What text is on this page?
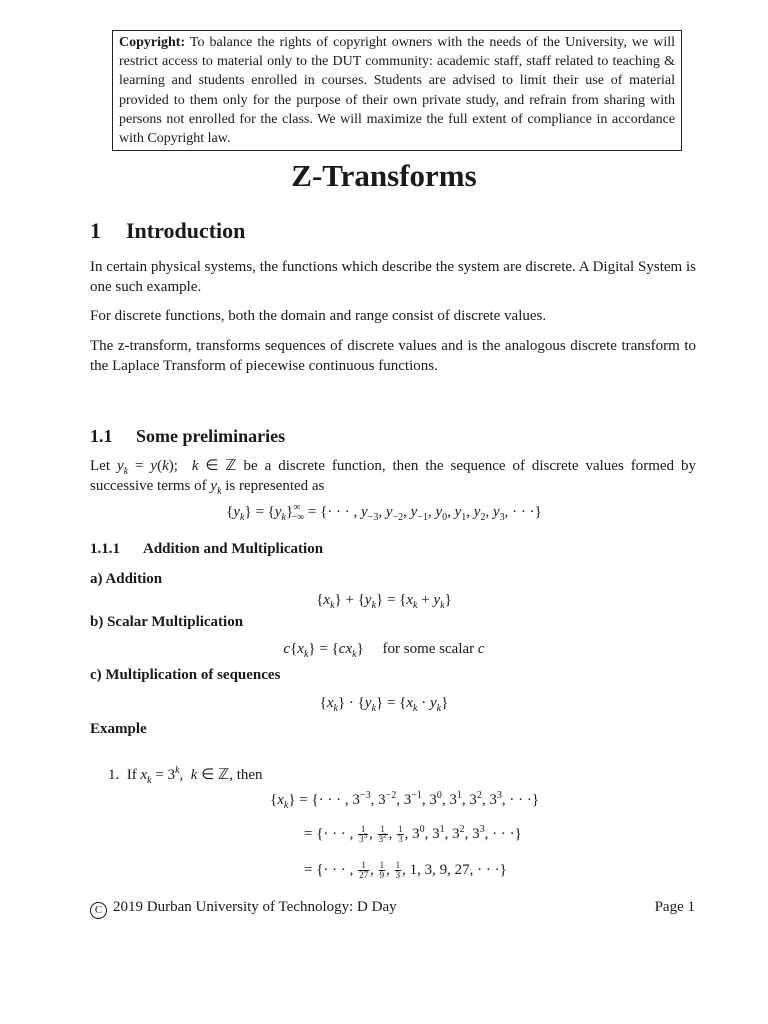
Copyright: To balance the rights of copyright owners with the needs of the University, we will restrict access to material only to the DUT community: academic staff, staff related to teaching & learning and students enrolled in courses. Students are advised to limit their use of material provided to them only for the purpose of their own private study, and refrain from sharing with persons not enrolled for the class. We will maximize the full extent of compliance in accordance with Copyright law.
Z-Transforms
1 Introduction
In certain physical systems, the functions which describe the system are discrete. A Digital System is one such example.
For discrete functions, both the domain and range consist of discrete values.
The z-transform, transforms sequences of discrete values and is the analogous discrete transform to the Laplace Transform of piecewise continuous functions.
1.1 Some preliminaries
Let $y_k = y(k)$;  k ∈ ℤ be a discrete function, then the sequence of discrete values formed by successive terms of $y_k$ is represented as
$\{y_k\} = \{y_k\}^\infty_{-\infty}$ = {· · · , $y_{-3}$, $y_{-2}$, $y_{-1}$, $y_0$, $y_1$, $y_2$, $y_3$, · · ·}
1.1.1 Addition and Multiplication
a) Addition
$\{x_k\} + \{y_k\} = \{x_k + y_k\}$
b) Scalar Multiplication
$c\{x_k\} = \{cx_k\}$     for some scalar c
c) Multiplication of sequences
$\{x_k\} \cdot \{y_k\} = \{x_k \cdot y_k\}$
Example
1. If $x_k = 3^k$,  k ∈ ℤ, then
$\{x_k\}$ = {· · · , $3^{-3}$, $3^{-2}$, $3^{-1}$, $3^0$, $3^1$, $3^2$, $3^3$, · · ·}
= {· · · , $\frac{1}{3^3}$ , $\frac{1}{3^2}$ , $\frac{1}{3}$ , $3^0$, $3^1$, $3^2$, $3^3$, · · ·}
= {· · · , $\frac{1}{27}$ , $\frac{1}{9}$ , $\frac{1}{3}$ , 1, 3, 9, 27, · · ·}
C 2019 Durban University of Technology: D Day	Page 1
